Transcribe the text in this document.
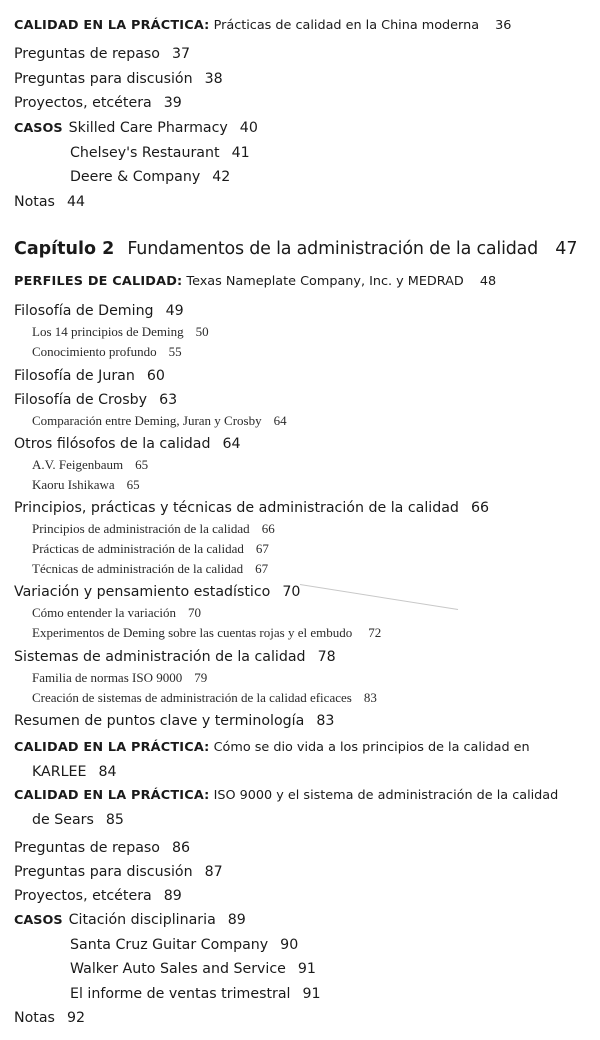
CALIDAD EN LA PRÁCTICA: Prácticas de calidad en la China moderna 36
Preguntas de repaso 37
Preguntas para discusión 38
Proyectos, etcétera 39
CASOS Skilled Care Pharmacy 40
Chelsey's Restaurant 41
Deere & Company 42
Notas 44
Capítulo 2 Fundamentos de la administración de la calidad 47
PERFILES DE CALIDAD: Texas Nameplate Company, Inc. y MEDRAD 48
Filosofía de Deming 49
Los 14 principios de Deming 50
Conocimiento profundo 55
Filosofía de Juran 60
Filosofía de Crosby 63
Comparación entre Deming, Juran y Crosby 64
Otros filósofos de la calidad 64
A.V. Feigenbaum 65
Kaoru Ishikawa 65
Principios, prácticas y técnicas de administración de la calidad 66
Principios de administración de la calidad 66
Prácticas de administración de la calidad 67
Técnicas de administración de la calidad 67
Variación y pensamiento estadístico 70
Cómo entender la variación 70
Experimentos de Deming sobre las cuentas rojas y el embudo 72
Sistemas de administración de la calidad 78
Familia de normas ISO 9000 79
Creación de sistemas de administración de la calidad eficaces 83
Resumen de puntos clave y terminología 83
CALIDAD EN LA PRÁCTICA: Cómo se dio vida a los principios de la calidad en
KARLEE 84
CALIDAD EN LA PRÁCTICA: ISO 9000 y el sistema de administración de la calidad
de Sears 85
Preguntas de repaso 86
Preguntas para discusión 87
Proyectos, etcétera 89
CASOS Citación disciplinaria 89
Santa Cruz Guitar Company 90
Walker Auto Sales and Service 91
El informe de ventas trimestral 91
Notas 92
